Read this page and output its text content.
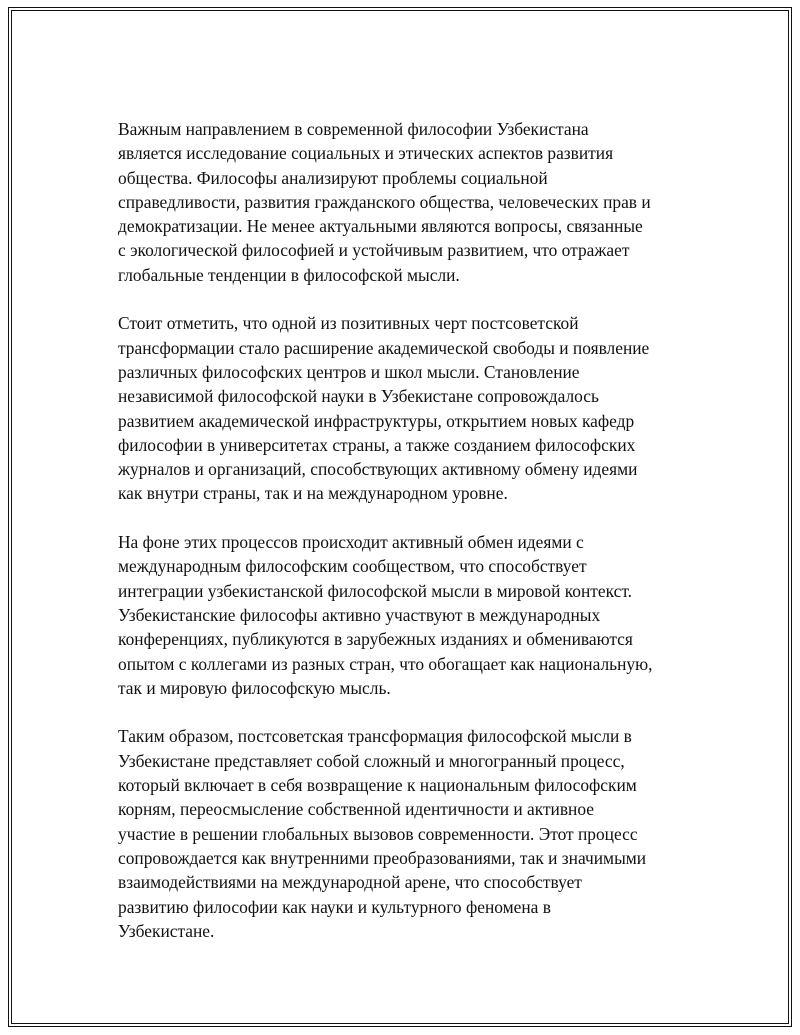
Важным направлением в современной философии Узбекистана
является исследование социальных и этических аспектов развития
общества. Философы анализируют проблемы социальной
справедливости, развития гражданского общества, человеческих прав и
демократизации. Не менее актуальными являются вопросы, связанные
с экологической философией и устойчивым развитием, что отражает
глобальные тенденции в философской мысли.

Стоит отметить, что одной из позитивных черт постсоветской
трансформации стало расширение академической свободы и появление
различных философских центров и школ мысли. Становление
независимой философской науки в Узбекистане сопровождалось
развитием академической инфраструктуры, открытием новых кафедр
философии в университетах страны, а также созданием философских
журналов и организаций, способствующих активному обмену идеями
как внутри страны, так и на международном уровне.

На фоне этих процессов происходит активный обмен идеями с
международным философским сообществом, что способствует
интеграции узбекистанской философской мысли в мировой контекст.
Узбекистанские философы активно участвуют в международных
конференциях, публикуются в зарубежных изданиях и обмениваются
опытом с коллегами из разных стран, что обогащает как национальную,
так и мировую философскую мысль.

Таким образом, постсоветская трансформация философской мысли в
Узбекистане представляет собой сложный и многогранный процесс,
который включает в себя возвращение к национальным философским
корням, переосмысление собственной идентичности и активное
участие в решении глобальных вызовов современности. Этот процесс
сопровождается как внутренними преобразованиями, так и значимыми
взаимодействиями на международной арене, что способствует
развитию философии как науки и культурного феномена в
Узбекистане.
